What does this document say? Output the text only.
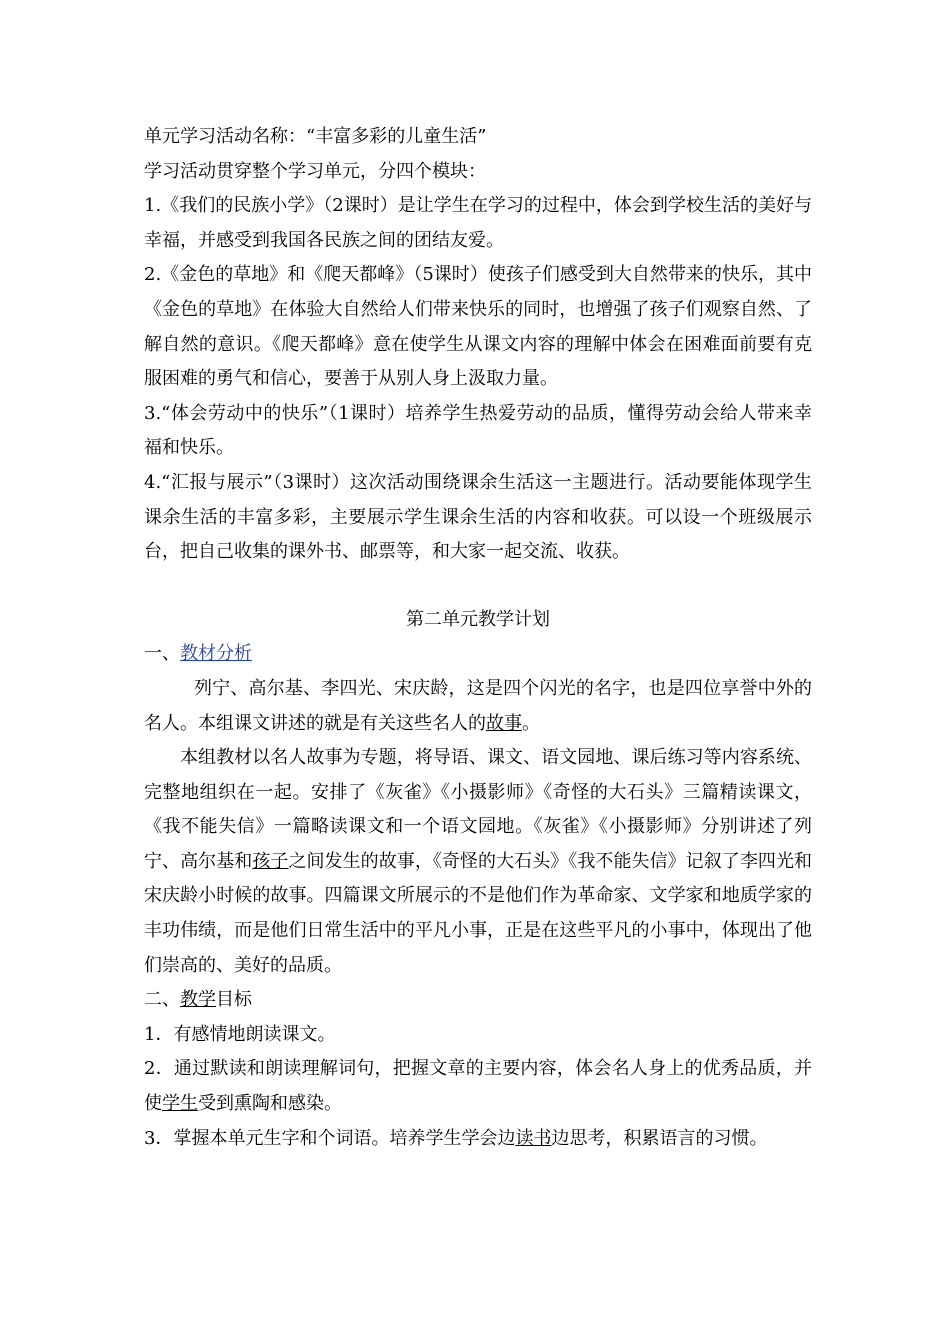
单元学习活动名称：“丰富多彩的儿童生活”

学习活动贯穿整个学习单元，分四个模块：

1.《我们的民族小学》（2课时）是让学生在学习的过程中，体会到学校生活的美好与幸福，并感受到我国各民族之间的团结友爱。

2.《金色的草地》和《爬天都峰》（5课时）使孩子们感受到大自然带来的快乐，其中《金色的草地》在体验大自然给人们带来快乐的同时，也增强了孩子们观察自然、了解自然的意识。《爬天都峰》意在使学生从课文内容的理解中体会在困难面前要有克服困难的勇气和信心，要善于从别人身上汲取力量。

3.“体会劳动中的快乐”（1课时）培养学生热爱劳动的品质，懂得劳动会给人带来幸福和快乐。

4.“汇报与展示”（3课时）这次活动围绕课余生活这一主题进行。活动要能体现学生课余生活的丰富多彩，主要展示学生课余生活的内容和收获。可以设一个班级展示台，把自己收集的课外书、邮票等，和大家一起交流、收获。

第二单元教学计划

一、教材分析

列宁、高尔基、李四光、宋庆龄，这是四个闪光的名字，也是四位享誉中外的名人。本组课文讲述的就是有关这些名人的故事。

本组教材以名人故事为专题，将导语、课文、语文园地、课后练习等内容系统、完整地组织在一起。安排了《灰雀》《小摄影师》《奇怪的大石头》三篇精读课文，《我不能失信》一篇略读课文和一个语文园地。《灰雀》《小摄影师》分别讲述了列宁、高尔基和孩子之间发生的故事，《奇怪的大石头》《我不能失信》记叙了李四光和宋庆龄小时候的故事。四篇课文所展示的不是他们作为革命家、文学家和地质学家的丰功伟绩，而是他们日常生活中的平凡小事，正是在这些平凡的小事中，体现出了他们崇高的、美好的品质。

二、教学目标

1．有感情地朗读课文。

2．通过默读和朗读理解词句，把握文章的主要内容，体会名人身上的优秀品质，并使学生受到熏陶和感染。

3．掌握本单元生字和个词语。培养学生学会边读书边思考，积累语言的习惯。
